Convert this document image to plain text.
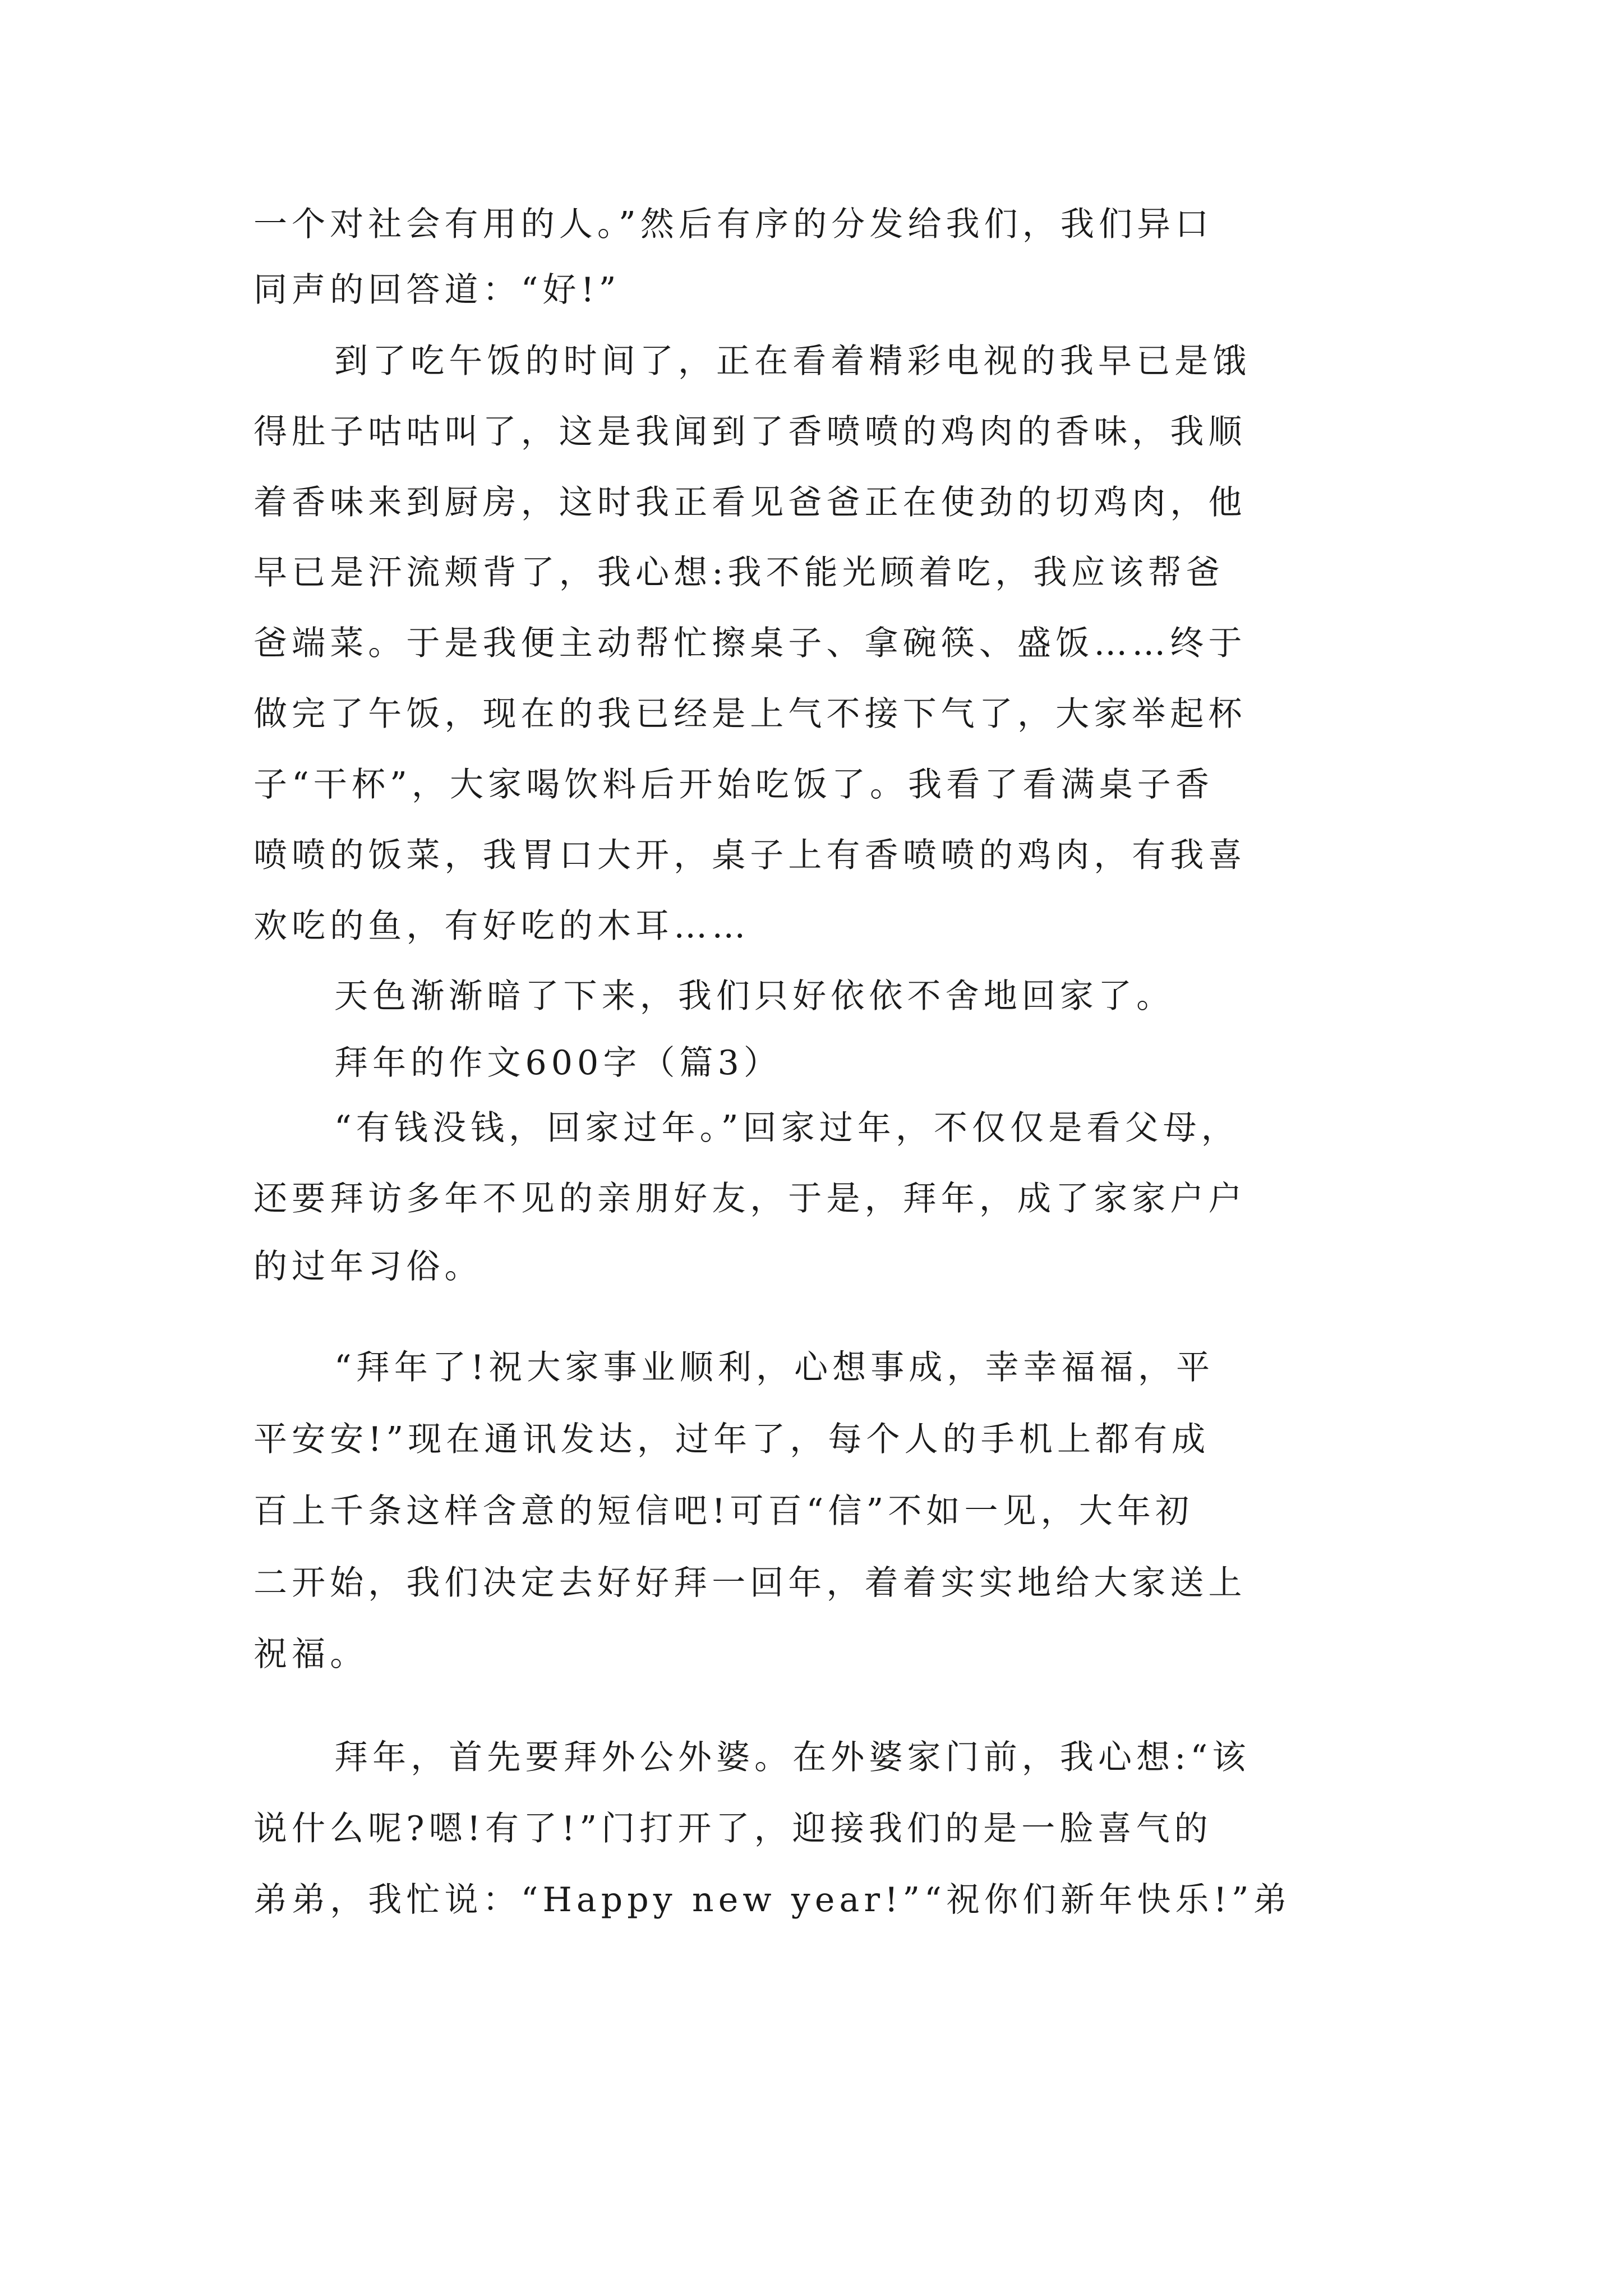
一个对社会有用的人。”然后有序的分发给我们，我们异口
同声的回答道：“好!”
到了吃午饭的时间了，正在看着精彩电视的我早已是饿
得肚子咕咕叫了，这是我闻到了香喷喷的鸡肉的香味，我顺
着香味来到厨房，这时我正看见爸爸正在使劲的切鸡肉，他
早已是汗流颊背了，我心想:我不能光顾着吃，我应该帮爸
爸端菜。于是我便主动帮忙擦桌子、拿碗筷、盛饭……终于
做完了午饭，现在的我已经是上气不接下气了，大家举起杯
子“干杯”，大家喝饮料后开始吃饭了。我看了看满桌子香
喷喷的饭菜，我胃口大开，桌子上有香喷喷的鸡肉，有我喜
欢吃的鱼，有好吃的木耳……
天色渐渐暗了下来，我们只好依依不舍地回家了。
拜年的作文600字（篇3）
“有钱没钱，回家过年。”回家过年，不仅仅是看父母，
还要拜访多年不见的亲朋好友，于是，拜年，成了家家户户
的过年习俗。
“拜年了!祝大家事业顺利，心想事成，幸幸福福，平
平安安!”现在通讯发达，过年了，每个人的手机上都有成
百上千条这样含意的短信吧!可百“信”不如一见，大年初
二开始，我们决定去好好拜一回年，着着实实地给大家送上
祝福。
拜年，首先要拜外公外婆。在外婆家门前，我心想:“该
说什么呢?嗯!有了!”门打开了，迎接我们的是一脸喜气的
弟弟，我忙说：“Happy new year!”“祝你们新年快乐!”弟
